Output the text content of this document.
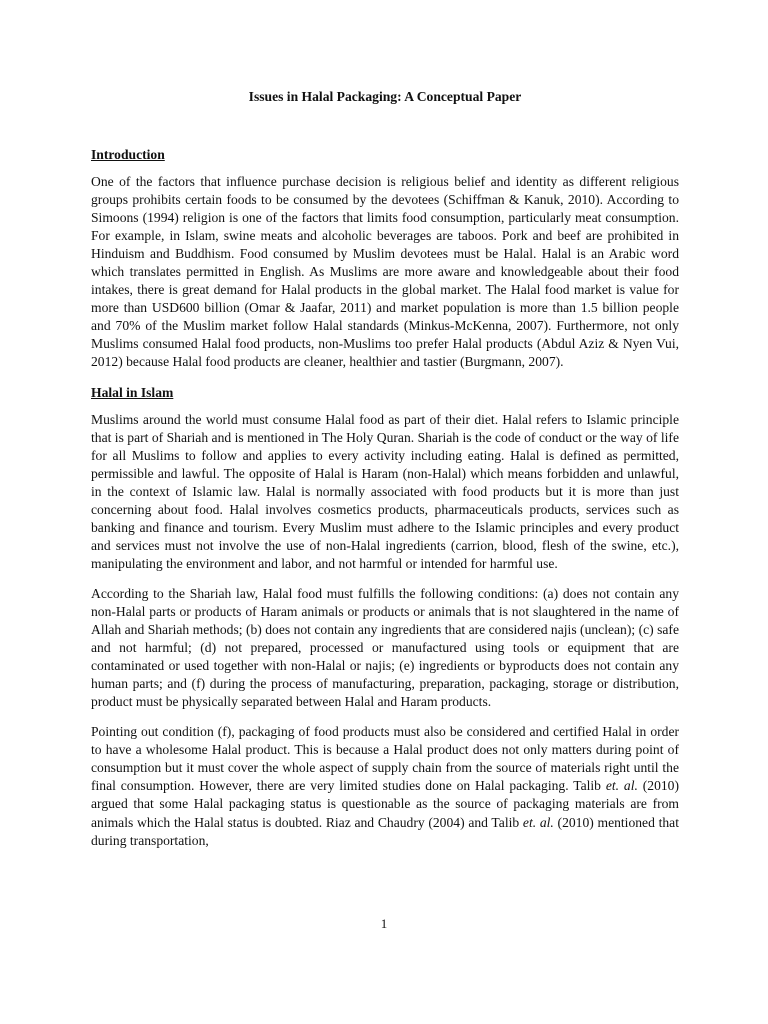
Issues in Halal Packaging: A Conceptual Paper
Introduction

One of the factors that influence purchase decision is religious belief and identity as different religious groups prohibits certain foods to be consumed by the devotees (Schiffman & Kanuk, 2010). According to Simoons (1994) religion is one of the factors that limits food consumption, particularly meat consumption. For example, in Islam, swine meats and alcoholic beverages are taboos. Pork and beef are prohibited in Hinduism and Buddhism. Food consumed by Muslim devotees must be Halal. Halal is an Arabic word which translates permitted in English. As Muslims are more aware and knowledgeable about their food intakes, there is great demand for Halal products in the global market. The Halal food market is value for more than USD600 billion (Omar & Jaafar, 2011) and market population is more than 1.5 billion people and 70% of the Muslim market follow Halal standards (Minkus-McKenna, 2007). Furthermore, not only Muslims consumed Halal food products, non-Muslims too prefer Halal products (Abdul Aziz & Nyen Vui, 2012) because Halal food products are cleaner, healthier and tastier (Burgmann, 2007).

Halal in Islam

Muslims around the world must consume Halal food as part of their diet. Halal refers to Islamic principle that is part of Shariah and is mentioned in The Holy Quran. Shariah is the code of conduct or the way of life for all Muslims to follow and applies to every activity including eating. Halal is defined as permitted, permissible and lawful. The opposite of Halal is Haram (non-Halal) which means forbidden and unlawful, in the context of Islamic law. Halal is normally associated with food products but it is more than just concerning about food. Halal involves cosmetics products, pharmaceuticals products, services such as banking and finance and tourism. Every Muslim must adhere to the Islamic principles and every product and services must not involve the use of non-Halal ingredients (carrion, blood, flesh of the swine, etc.), manipulating the environment and labor, and not harmful or intended for harmful use.

According to the Shariah law, Halal food must fulfills the following conditions: (a) does not contain any non-Halal parts or products of Haram animals or products or animals that is not slaughtered in the name of Allah and Shariah methods; (b) does not contain any ingredients that are considered najis (unclean); (c) safe and not harmful; (d) not prepared, processed or manufactured using tools or equipment that are contaminated or used together with non-Halal or najis; (e) ingredients or byproducts does not contain any human parts; and (f) during the process of manufacturing, preparation, packaging, storage or distribution, product must be physically separated between Halal and Haram products.

Pointing out condition (f), packaging of food products must also be considered and certified Halal in order to have a wholesome Halal product. This is because a Halal product does not only matters during point of consumption but it must cover the whole aspect of supply chain from the source of materials right until the final consumption. However, there are very limited studies done on Halal packaging. Talib et. al. (2010) argued that some Halal packaging status is questionable as the source of packaging materials are from animals which the Halal status is doubted. Riaz and Chaudry (2004) and Talib et. al. (2010) mentioned that during transportation,

1
